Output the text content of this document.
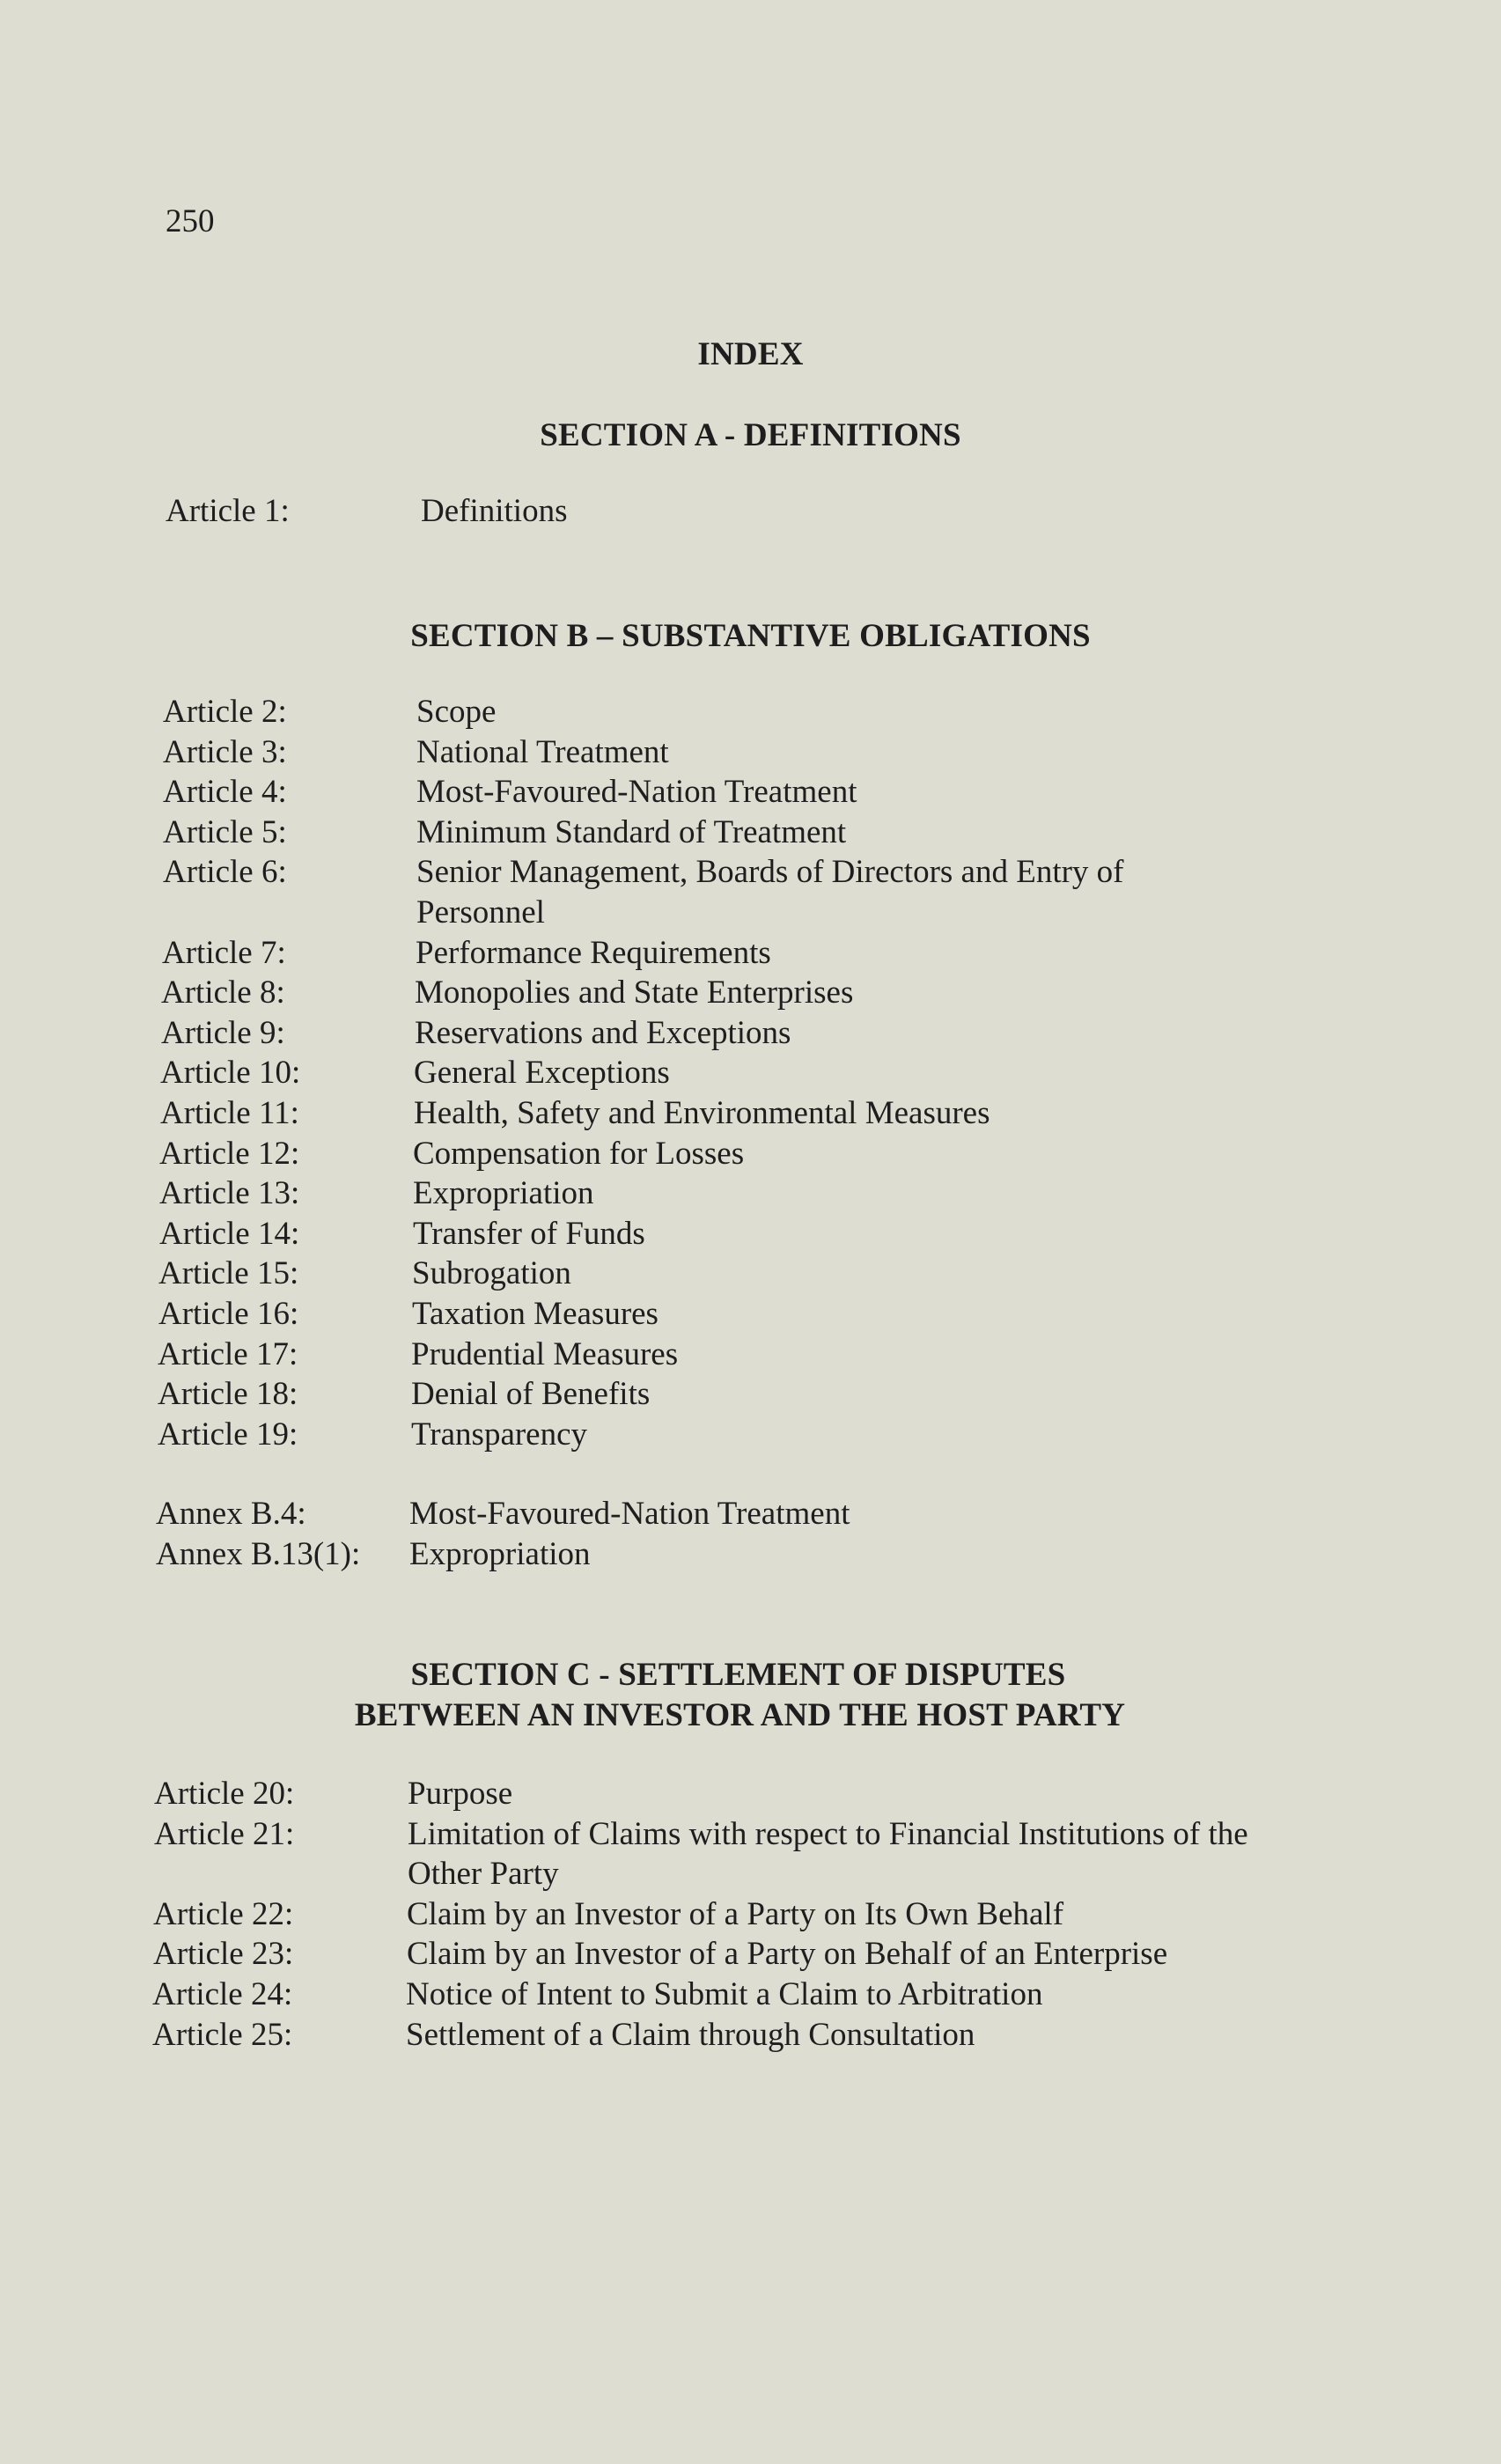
250
INDEX
SECTION A - DEFINITIONS
Article 1:	Definitions
SECTION B – SUBSTANTIVE OBLIGATIONS
Article 2:	Scope
Article 3:	National Treatment
Article 4:	Most-Favoured-Nation Treatment
Article 5:	Minimum Standard of Treatment
Article 6:	Senior Management, Boards of Directors and Entry of Personnel
Article 7:	Performance Requirements
Article 8:	Monopolies and State Enterprises
Article 9:	Reservations and Exceptions
Article 10:	General Exceptions
Article 11:	Health, Safety and Environmental Measures
Article 12:	Compensation for Losses
Article 13:	Expropriation
Article 14:	Transfer of Funds
Article 15:	Subrogation
Article 16:	Taxation Measures
Article 17:	Prudential Measures
Article 18:	Denial of Benefits
Article 19:	Transparency
Annex B.4:	Most-Favoured-Nation Treatment
Annex B.13(1): Expropriation
SECTION C - SETTLEMENT OF DISPUTES
BETWEEN AN INVESTOR AND THE HOST PARTY
Article 20:	Purpose
Article 21:	Limitation of Claims with respect to Financial Institutions of the Other Party
Article 22:	Claim by an Investor of a Party on Its Own Behalf
Article 23:	Claim by an Investor of a Party on Behalf of an Enterprise
Article 24:	Notice of Intent to Submit a Claim to Arbitration
Article 25:	Settlement of a Claim through Consultation
